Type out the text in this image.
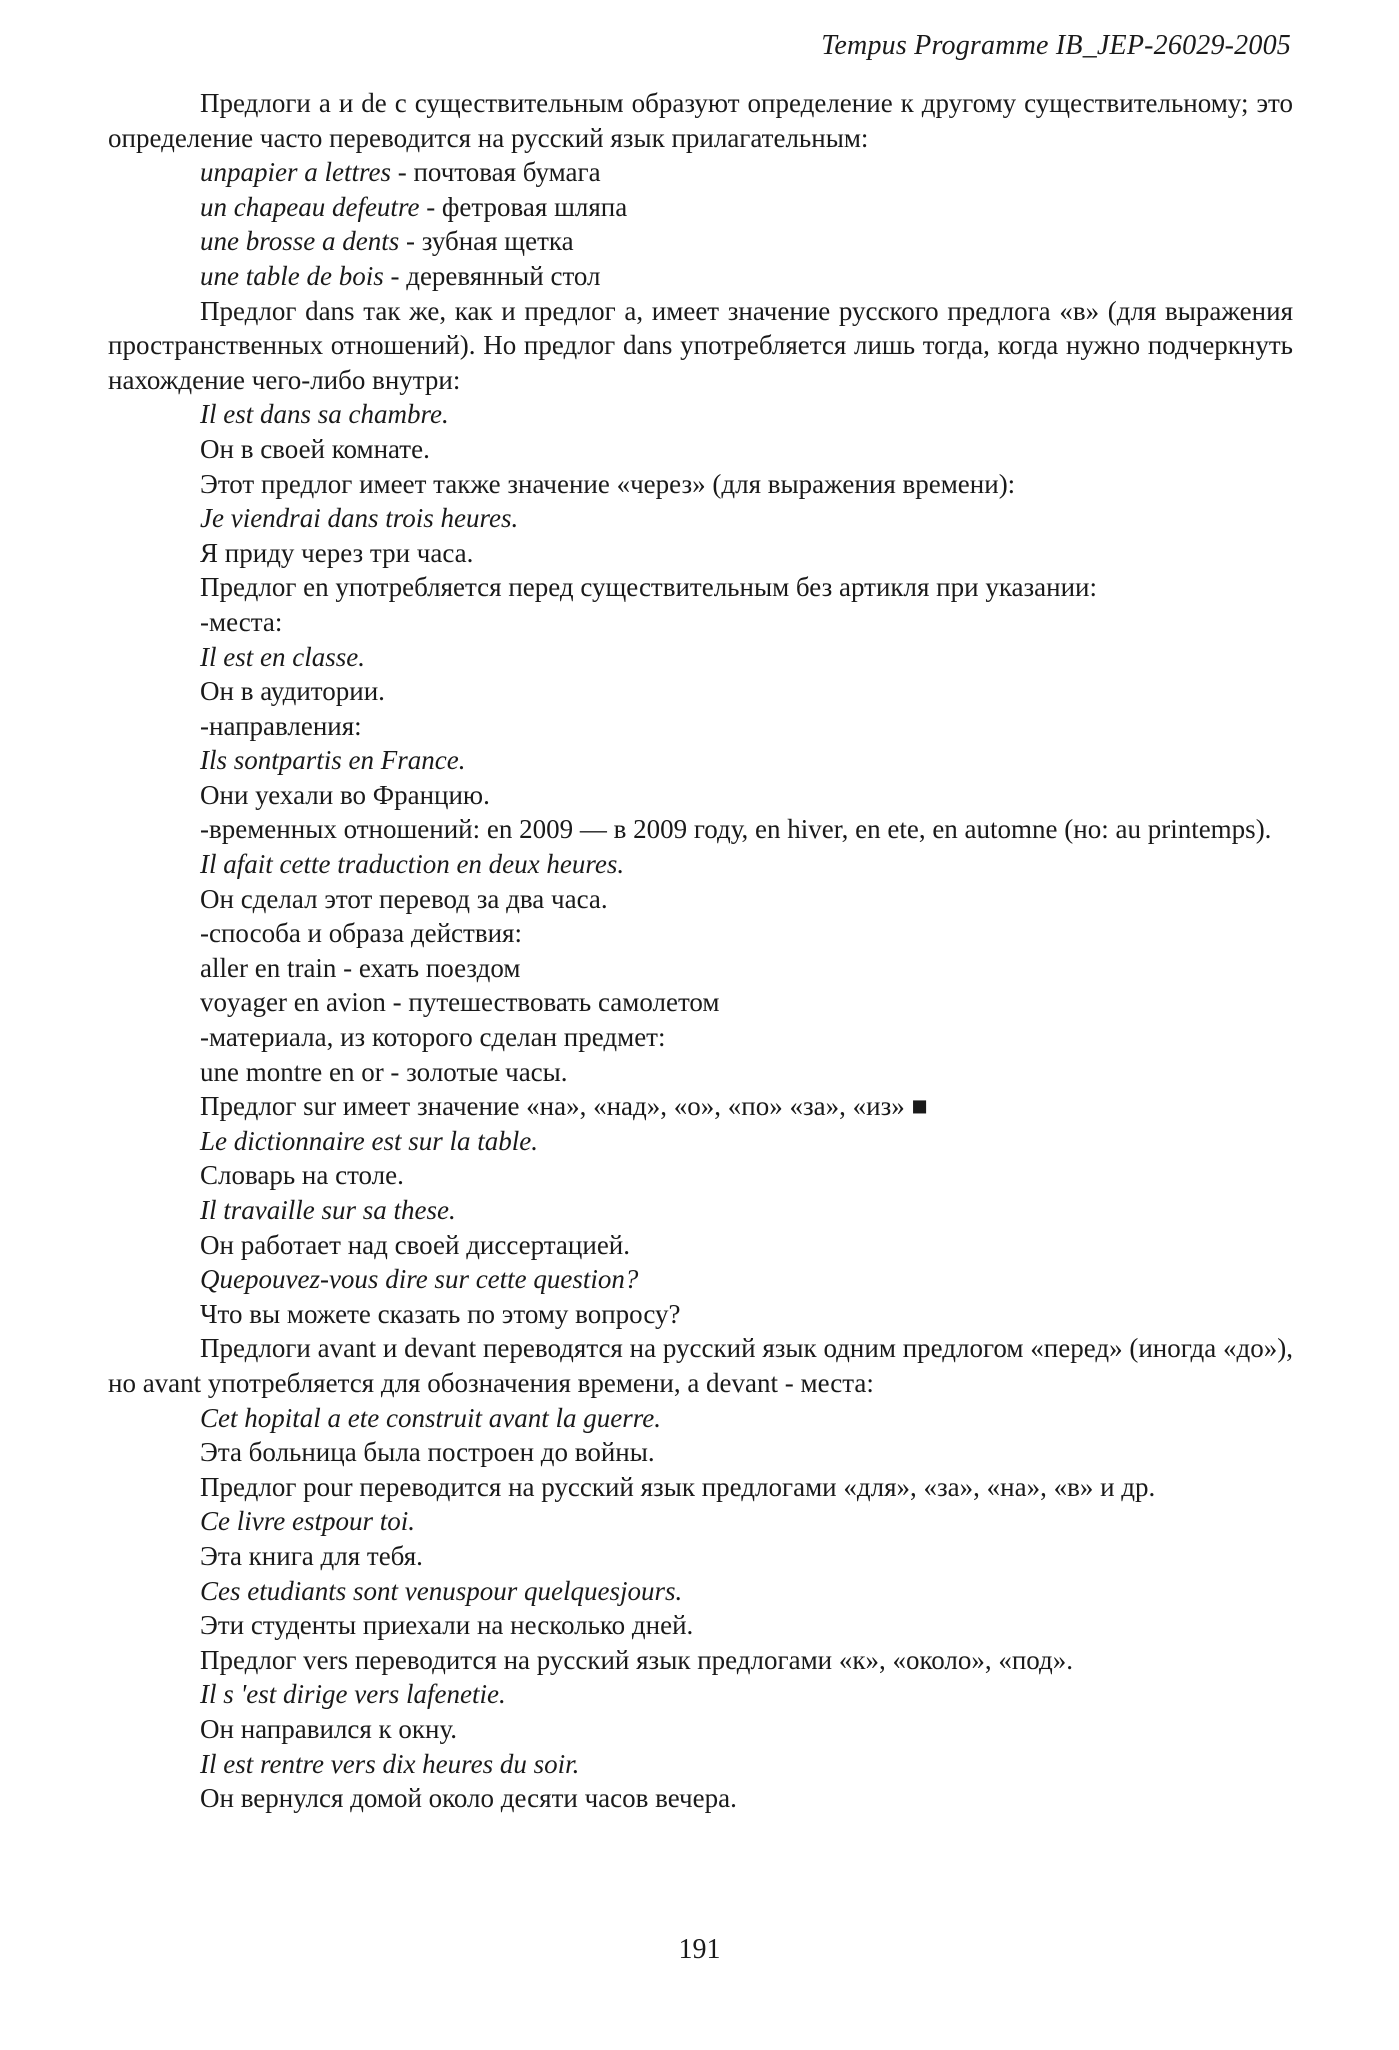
Tempus Programme IB_JEP-26029-2005
Предлоги a и de с существительным образуют определение к другому существительному; это определение часто переводится на русский язык прилагательным:
unpapier a lettres - почтовая бумага
un chapeau defeutre - фетровая шляпа
une brosse a dents - зубная щетка
une table de bois - деревянный стол
Предлог dans так же, как и предлог a, имеет значение русского предлога «в» (для выражения пространственных отношений). Но предлог dans употребляется лишь тогда, когда нужно подчеркнуть нахождение чего-либо внутри:
Il est dans sa chambre.
Он в своей комнате.
Этот предлог имеет также значение «через» (для выражения времени):
Je viendrai dans trois heures.
Я приду через три часа.
Предлог en употребляется перед существительным без артикля при указании:
-места:
Il est en classe.
Он в аудитории.
-направления:
Ils sontpartis en France.
Они уехали во Францию.
-временных отношений: en 2009 — в 2009 году, en hiver, en ete, en automne (но: au printemps).
Il afait cette traduction en deux heures.
Он сделал этот перевод за два часа.
-способа и образа действия:
aller en train - ехать поездом
voyager en avion - путешествовать самолетом
-материала, из которого сделан предмет:
une montre en or - золотые часы.
Предлог sur имеет значение «на», «над», «о», «по» «за», «из» ■
Le dictionnaire est sur la table.
Словарь на столе.
Il travaille sur sa these.
Он работает над своей диссертацией.
Quepouvez-vous dire sur cette question?
Что вы можете сказать по этому вопросу?
Предлоги avant и devant переводятся на русский язык одним предлогом «перед» (иногда «до»), но avant употребляется для обозначения времени, а devant - места:
Cet hopital a ete construit avant la guerre.
Эта больница была построен до войны.
Предлог pour переводится на русский язык предлогами «для», «за», «на», «в» и др.
Ce livre estpour toi.
Эта книга для тебя.
Ces etudiants sont venuspour quelquesjours.
Эти студенты приехали на несколько дней.
Предлог vers переводится на русский язык предлогами «к», «около», «под».
Il s 'est dirige vers lafenetie.
Он направился к окну.
Il est rentre vers dix heures du soir.
Он вернулся домой около десяти часов вечера.
191
